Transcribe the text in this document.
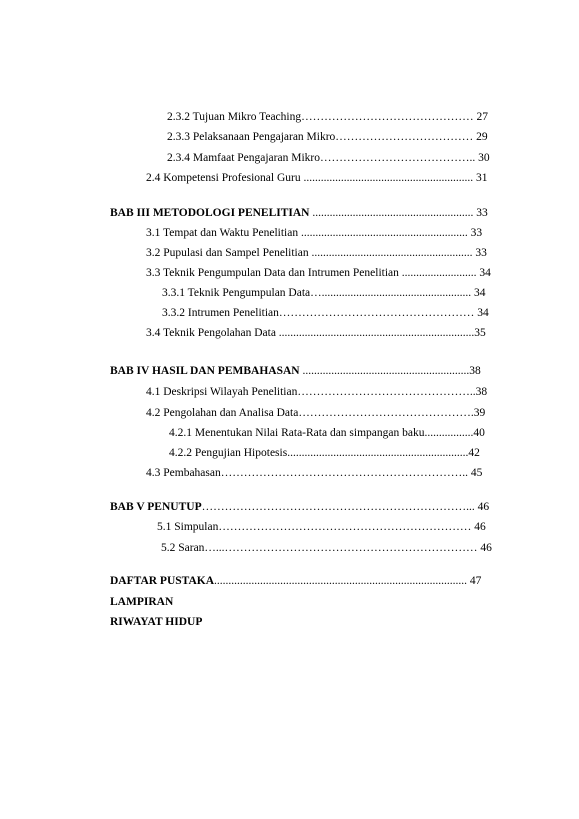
2.3.2 Tujuan Mikro Teaching……………………………………… 27
2.3.3 Pelaksanaan Pengajaran Mikro……………………………… 29
2.3.4 Mamfaat Pengajaran Mikro………………………………….. 30
2.4 Kompetensi Profesional Guru ........................................................... 31
BAB III METODOLOGI PENELITIAN ........................................................ 33
3.1 Tempat dan Waktu Penelitian .......................................................... 33
3.2 Pupulasi dan Sampel Penelitian ........................................................ 33
3.3 Teknik Pengumpulan Data dan Intrumen Penelitian .......................... 34
3.3.1 Teknik Pengumpulan Data….................................................... 34
3.3.2 Intrumen Penelitian…………………………………………… 34
3.4 Teknik Pengolahan Data ....................................................................35
BAB IV HASIL DAN PEMBAHASAN ..........................................................38
4.1 Deskripsi Wilayah Penelitian………………………………………..38
4.2 Pengolahan dan Analisa Data……………………………………….39
4.2.1 Menentukan Nilai Rata-Rata dan simpangan baku.................40
4.2.2 Pengujian Hipotesis...............................................................42
4.3 Pembahasan……………………………………………………….. 45
BAB V PENUTUP……………………………………………………………... 46
5.1 Simpulan………………………………………………………… 46
5.2 Saran…...………………………………………………………… 46
DAFTAR PUSTAKA........................................................................................ 47
LAMPIRAN
RIWAYAT HIDUP
